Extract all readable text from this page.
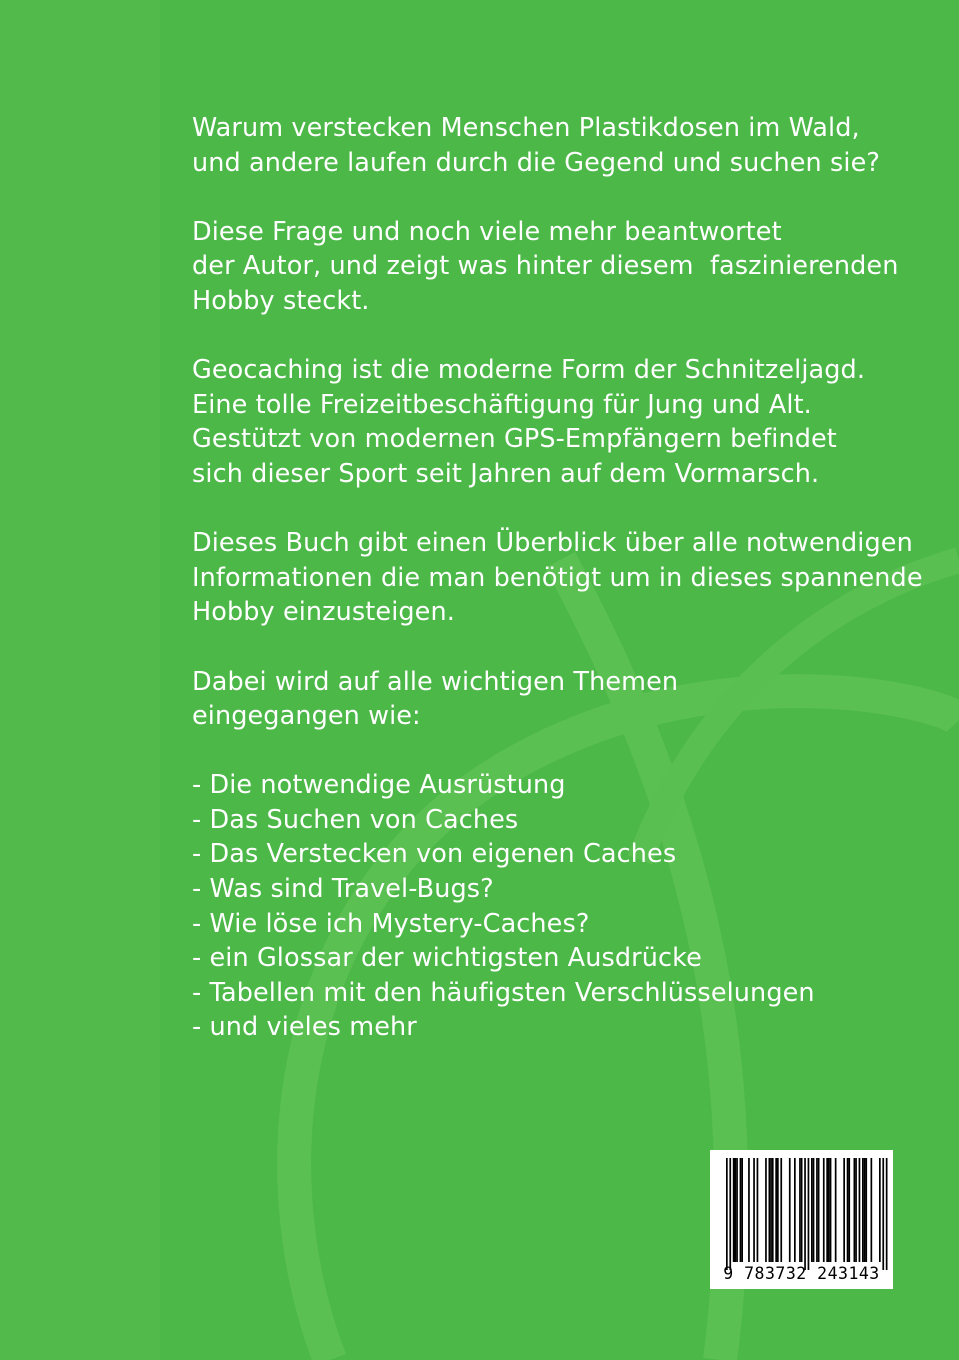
Warum verstecken Menschen Plastikdosen im Wald,
und andere laufen durch die Gegend und suchen sie?
Diese Frage und noch viele mehr beantwortet
der Autor, und zeigt was hinter diesem  faszinierenden
Hobby steckt.
Geocaching ist die moderne Form der Schnitzeljagd.
Eine tolle Freizeitbeschäftigung für Jung und Alt.
Gestützt von modernen GPS-Empfängern befindet
sich dieser Sport seit Jahren auf dem Vormarsch.
Dieses Buch gibt einen Überblick über alle notwendigen
Informationen die man benötigt um in dieses spannende
Hobby einzusteigen.
Dabei wird auf alle wichtigen Themen
eingegangen wie:
- Die notwendige Ausrüstung
- Das Suchen von Caches
- Das Verstecken von eigenen Caches
- Was sind Travel-Bugs?
- Wie löse ich Mystery-Caches?
- ein Glossar der wichtigsten Ausdrücke
- Tabellen mit den häufigsten Verschlüsselungen
- und vieles mehr
9 783732 243143
